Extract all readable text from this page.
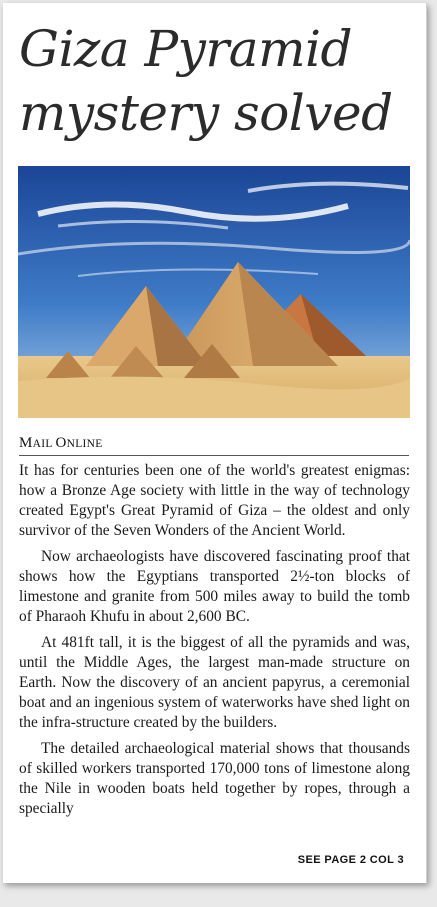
Giza Pyramid mystery solved
MAIL ONLINE

It has for centuries been one of the world's greatest enigmas: how a Bronze Age society with little in the way of technology created Egypt's Great Pyramid of Giza – the oldest and only survivor of the Seven Wonders of the Ancient World.

Now archaeologists have discovered fascinating proof that shows how the Egyptians transported 2½-ton blocks of limestone and granite from 500 miles away to build the tomb of Pharaoh Khufu in about 2,600 BC.

At 481ft tall, it is the biggest of all the pyramids and was, until the Middle Ages, the largest man-made structure on Earth. Now the discovery of an ancient papyrus, a ceremonial boat and an ingenious system of waterworks have shed light on the infra-structure created by the builders.

The detailed archaeological material shows that thousands of skilled workers transported 170,000 tons of limestone along the Nile in wooden boats held together by ropes, through a specially

SEE PAGE 2 COL 3
